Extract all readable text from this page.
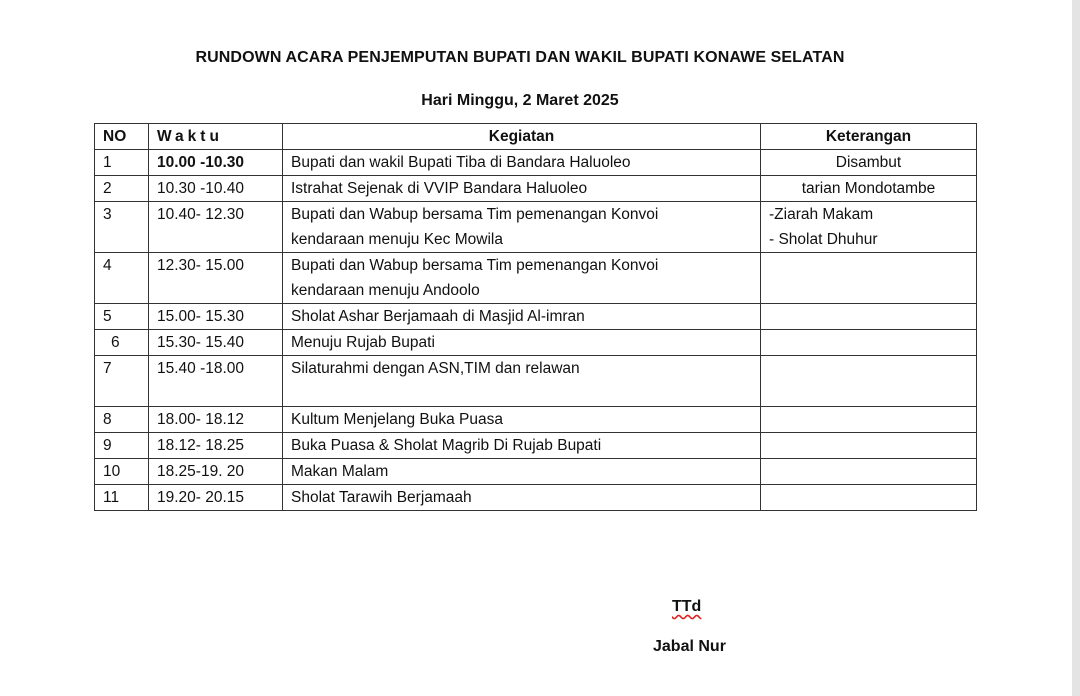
RUNDOWN ACARA PENJEMPUTAN BUPATI DAN WAKIL BUPATI KONAWE SELATAN
Hari Minggu, 2 Maret 2025
NO	Waktu	Kegiatan	Keterangan
1	10.00 -10.30	Bupati dan wakil Bupati Tiba di Bandara Haluoleo	Disambut

2	10.30 -10.40	Istrahat Sejenak di VVIP Bandara Haluoleo	tarian Mondotambe

3	10.40- 12.30	Bupati dan Wabup bersama Tim pemenangan Konvoi
kendaraan menuju Kec Mowila	-Ziarah Makam
- Sholat Dhuhur

4	12.30- 15.00	Bupati dan Wabup bersama Tim pemenangan Konvoi
kendaraan menuju Andoolo	

5	15.00- 15.30	Sholat Ashar Berjamaah di Masjid Al-imran	

6	15.30- 15.40	Menuju Rujab Bupati	

7	15.40 -18.00	Silaturahmi dengan ASN,TIM dan relawan	

8	18.00- 18.12	Kultum Menjelang Buka Puasa	

9	18.12- 18.25	Buka Puasa & Sholat Magrib Di Rujab Bupati	

10	18.25-19. 20	Makan Malam	

11	19.20- 20.15	Sholat Tarawih Berjamaah	

TTd
Jabal Nur
